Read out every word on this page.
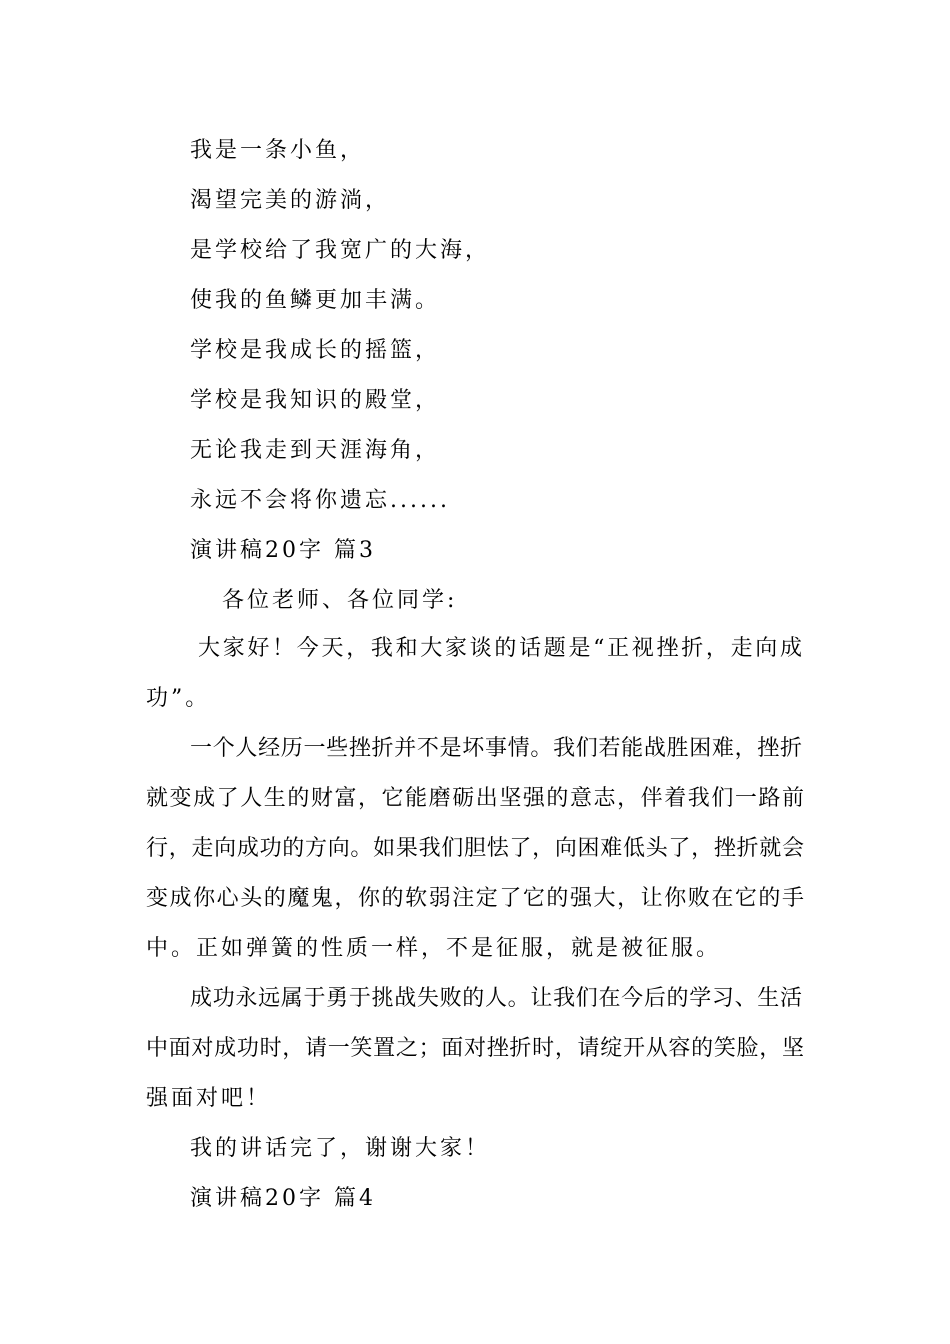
我是一条小鱼，
渴望完美的游淌，
是学校给了我宽广的大海，
使我的鱼鳞更加丰满。
学校是我成长的摇篮，
学校是我知识的殿堂，
无论我走到天涯海角，
永远不会将你遗忘......
演讲稿20字 篇3
各位老师、各位同学:
大家好！今天，我和大家谈的话题是“正视挫折，走向成
功”。
一个人经历一些挫折并不是坏事情。我们若能战胜困难，挫折
就变成了人生的财富，它能磨砺出坚强的意志，伴着我们一路前
行，走向成功的方向。如果我们胆怯了，向困难低头了，挫折就会
变成你心头的魔鬼，你的软弱注定了它的强大，让你败在它的手
中。正如弹簧的性质一样，不是征服，就是被征服。
成功永远属于勇于挑战失败的人。让我们在今后的学习、生活
中面对成功时，请一笑置之；面对挫折时，请绽开从容的笑脸，坚
强面对吧！
我的讲话完了，谢谢大家！
演讲稿20字 篇4
